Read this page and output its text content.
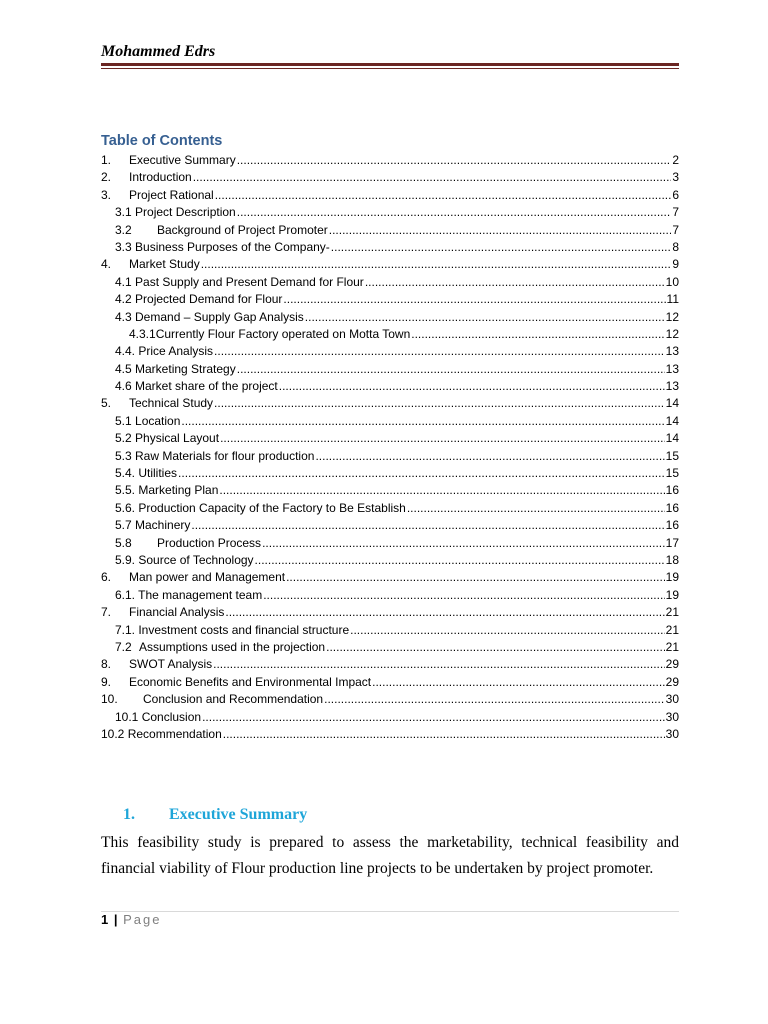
Mohammed Edrs
Table of Contents
1.	Executive Summary .....	2
2.	Introduction .....	3
3.	Project Rational .....	6
3.1 Project Description .....	7
3.2	Background of Project Promoter .....	7
3.3 Business Purposes of the Company- .....	8
4.	Market Study .....	9
4.1 Past Supply and Present Demand for Flour .....	10
4.2 Projected Demand for Flour .....	11
4.3 Demand – Supply Gap Analysis .....	12
4.3.1Currently Flour Factory operated on Motta Town .....	12
4.4. Price Analysis .....	13
4.5 Marketing Strategy .....	13
4.6 Market share of the project .....	13
5.	Technical Study .....	14
5.1 Location .....	14
5.2 Physical Layout .....	14
5.3 Raw Materials for flour production .....	15
5.4. Utilities .....	15
5.5. Marketing Plan .....	16
5.6. Production Capacity of the Factory to Be Establish .....	16
5.7 Machinery .....	16
5.8	Production Process .....	17
5.9. Source of Technology .....	18
6.	Man power and Management .....	19
6.1. The management team .....	19
7.	Financial Analysis .....	21
7.1. Investment costs and financial structure .....	21
7.2 Assumptions used in the projection .....	21
8.	SWOT Analysis .....	29
9.	Economic Benefits and Environmental Impact .....	29
10.	Conclusion and Recommendation .....	30
10.1 Conclusion .....	30
10.2 Recommendation .....	30
1. Executive Summary

This feasibility study is prepared to assess the marketability, technical feasibility and financial viability of Flour production line projects to be undertaken by project promoter.

1 | Page
